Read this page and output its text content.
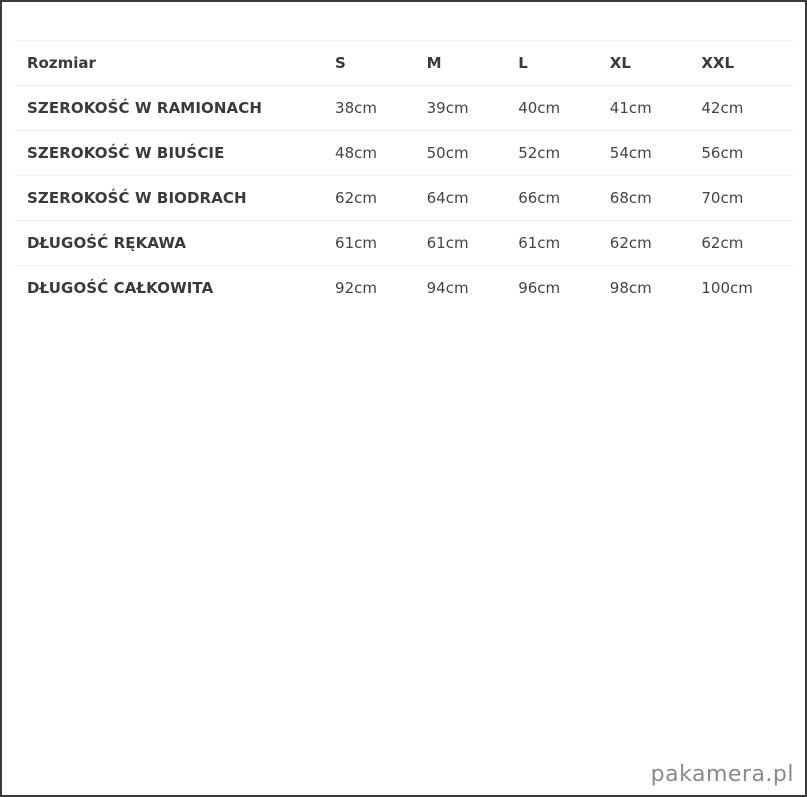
Rozmiar	S	M	L	XL	XXL
SZEROKOŚĆ W RAMIONACH	38cm	39cm	40cm	41cm	42cm
SZEROKOŚĆ W BIUŚCIE	48cm	50cm	52cm	54cm	56cm
SZEROKOŚĆ W BIODRACH	62cm	64cm	66cm	68cm	70cm
DŁUGOŚĆ RĘKAWA	61cm	61cm	61cm	62cm	62cm
DŁUGOŚĆ CAŁKOWITA	92cm	94cm	96cm	98cm	100cm
pakamera.pl
